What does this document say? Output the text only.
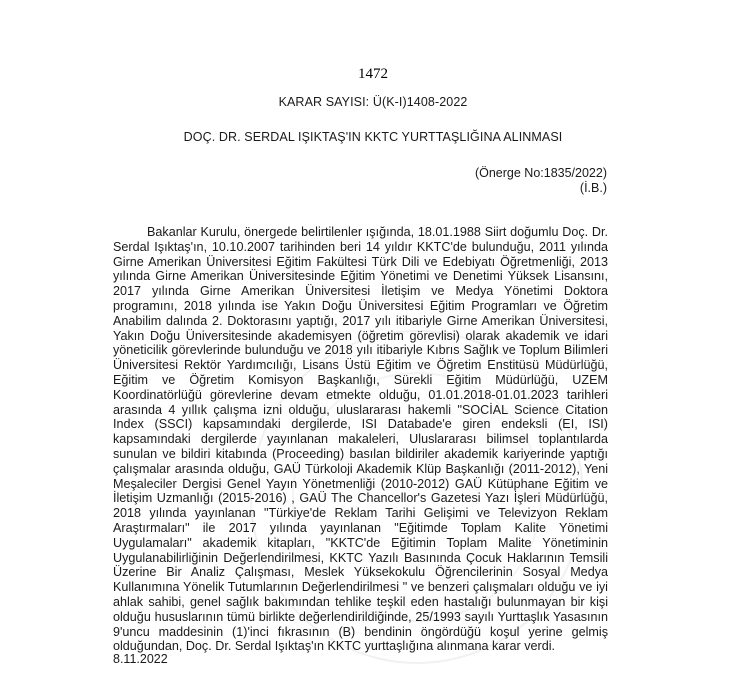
1472
KARAR SAYISI: Ü(K-I)1408-2022
DOÇ. DR. SERDAL IŞIKTAŞ'IN KKTC YURTTAŞLIĞINA ALINMASI
(Önerge No:1835/2022)
(İ.B.)

Bakanlar Kurulu, önergede belirtilenler ışığında, 18.01.1988 Siirt doğumlu Doç. Dr. Serdal Işıktaş'ın, 10.10.2007 tarihinden beri 14 yıldır KKTC'de bulunduğu, 2011 yılında Girne Amerikan Üniversitesi Eğitim Fakültesi Türk Dili ve Edebiyatı Öğretmenliği, 2013 yılında Girne Amerikan Üniversitesinde Eğitim Yönetimi ve Denetimi Yüksek Lisansını, 2017 yılında Girne Amerikan Üniversitesi İletişim ve Medya Yönetimi Doktora programını, 2018 yılında ise Yakın Doğu Üniversitesi Eğitim Programları ve Öğretim Anabilim dalında 2. Doktorasını yaptığı, 2017 yılı itibariyle Girne Amerikan Üniversitesi, Yakın Doğu Üniversitesinde akademisyen (öğretim görevlisi) olarak akademik ve idari yöneticilik görevlerinde bulunduğu ve 2018 yılı itibariyle Kıbrıs Sağlık ve Toplum Bilimleri Üniversitesi Rektör Yardımcılığı, Lisans Üstü Eğitim ve Öğretim Enstitüsü Müdürlüğü, Eğitim ve Öğretim Komisyon Başkanlığı, Sürekli Eğitim Müdürlüğü, UZEM Koordinatörlüğü görevlerine devam etmekte olduğu, 01.01.2018-01.01.2023 tarihleri arasında 4 yıllık çalışma izni olduğu, uluslararası hakemli "SOCİAL Science Citation Index (SSCI) kapsamındaki dergilerde, ISI Databade'e giren endeksli (EI, ISI) kapsamındaki dergilerde yayınlanan makaleleri, Uluslararası bilimsel toplantılarda sunulan ve bildiri kitabında (Proceeding) basılan bildiriler akademik kariyerinde yaptığı çalışmalar arasında olduğu, GAÜ Türkoloji Akademik Klüp Başkanlığı (2011-2012), Yeni Meşaleciler Dergisi Genel Yayın Yönetmenliği (2010-2012) GAÜ Kütüphane Eğitim ve İletişim Uzmanlığı (2015-2016) , GAÜ The Chancellor's Gazetesi Yazı İşleri Müdürlüğü, 2018 yılında yayınlanan "Türkiye'de Reklam Tarihi Gelişimi ve Televizyon Reklam Araştırmaları" ile 2017 yılında yayınlanan "Eğitimde Toplam Kalite Yönetimi Uygulamaları" akademik kitapları, "KKTC'de Eğitimin Toplam Malite Yönetiminin Uygulanabilirliğinin Değerlendirilmesi, KKTC Yazılı Basınında Çocuk Haklarının Temsili Üzerine Bir Analiz Çalışması, Meslek Yüksekokulu Öğrencilerinin Sosyal Medya Kullanımına Yönelik Tutumlarının Değerlendirilmesi " ve benzeri çalışmaları olduğu ve iyi ahlak sahibi, genel sağlık bakımından tehlike teşkil eden hastalığı bulunmayan bir kişi olduğu hususlarının tümü birlikte değerlendirildiğinde, 25/1993 sayılı Yurttaşlık Yasasının 9'uncu maddesinin (1)'inci fıkrasının (B) bendinin öngördüğü koşul yerine gelmiş olduğundan, Doç. Dr. Serdal Işıktaş'ın KKTC yurttaşlığına alınmana karar verdi.

8.11.2022
